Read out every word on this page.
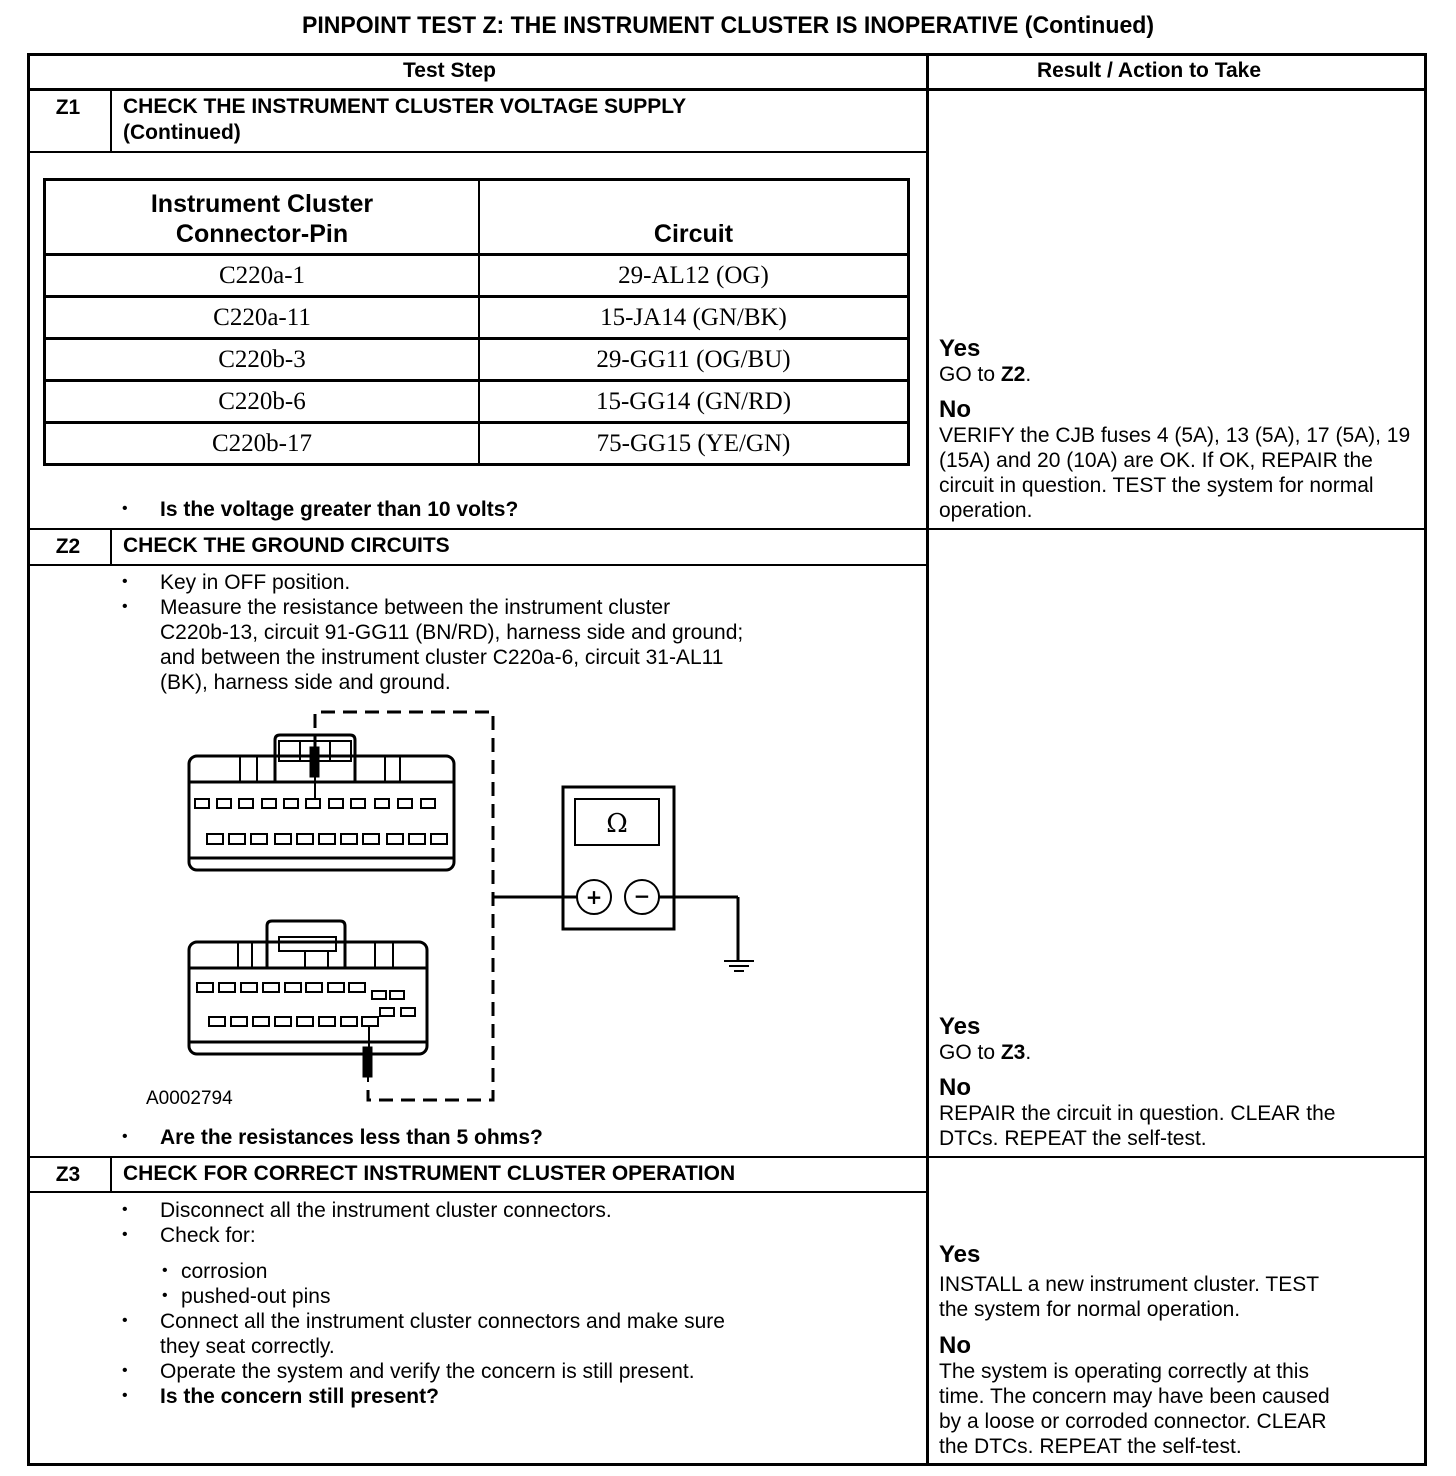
PINPOINT TEST Z: THE INSTRUMENT CLUSTER IS INOPERATIVE (Continued)
Test Step	Result / Action to Take
Z1	CHECK THE INSTRUMENT CLUSTER VOLTAGE SUPPLY
(Continued)
Instrument Cluster
Connector-Pin	Circuit
C220a-1	29-AL12 (OG)
C220a-11	15-JA14 (GN/BK)
C220b-3	29-GG11 (OG/BU)
C220b-6	15-GG14 (GN/RD)
C220b-17	75-GG15 (YE/GN)
• Is the voltage greater than 10 volts?
Yes
GO to Z2.
No
VERIFY the CJB fuses 4 (5A), 13 (5A), 17 (5A), 19 (15A) and 20 (10A) are OK. If OK, REPAIR the circuit in question. TEST the system for normal operation.
Z2	CHECK THE GROUND CIRCUITS
• Key in OFF position.
• Measure the resistance between the instrument cluster
C220b-13, circuit 91-GG11 (BN/RD), harness side and ground;
and between the instrument cluster C220a-6, circuit 31-AL11
(BK), harness side and ground.
Ω
+ −
A0002794
• Are the resistances less than 5 ohms?
Yes
GO to Z3.
No
REPAIR the circuit in question. CLEAR the
DTCs. REPEAT the self-test.
Z3	CHECK FOR CORRECT INSTRUMENT CLUSTER OPERATION
• Disconnect all the instrument cluster connectors.
• Check for:
• corrosion
• pushed-out pins
• Connect all the instrument cluster connectors and make sure
they seat correctly.
• Operate the system and verify the concern is still present.
• Is the concern still present?
Yes
INSTALL a new instrument cluster. TEST
the system for normal operation.
No
The system is operating correctly at this
time. The concern may have been caused
by a loose or corroded connector. CLEAR
the DTCs. REPEAT the self-test.
